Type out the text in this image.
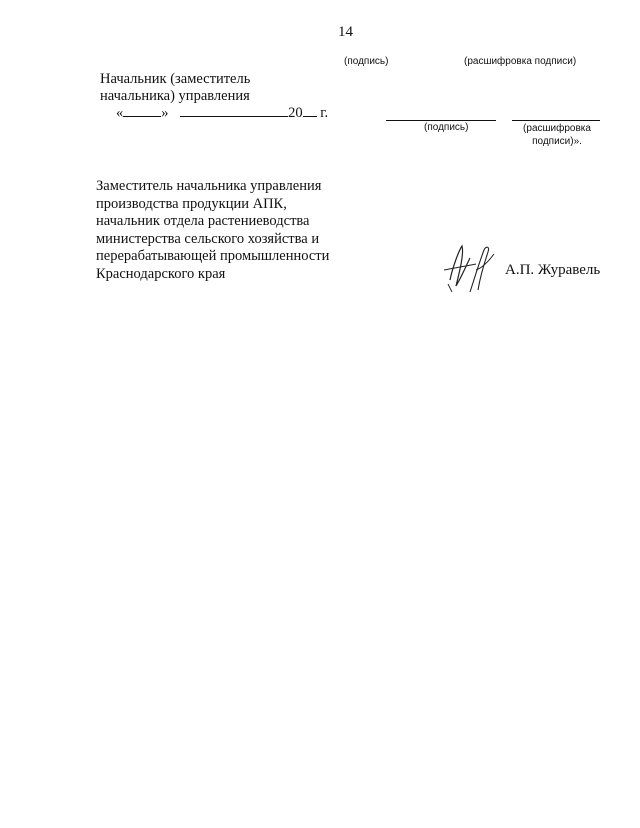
14
(подпись)	(расшифровка подписи)
Начальник (заместитель
начальника) управления
«	»	20 г.
(подпись)	(расшифровка
подписи)».
Заместитель начальника управления
производства продукции АПК,
начальник отдела растениеводства
министерства сельского хозяйства и
перерабатывающей промышленности
Краснодарского края	А.П. Журавель
